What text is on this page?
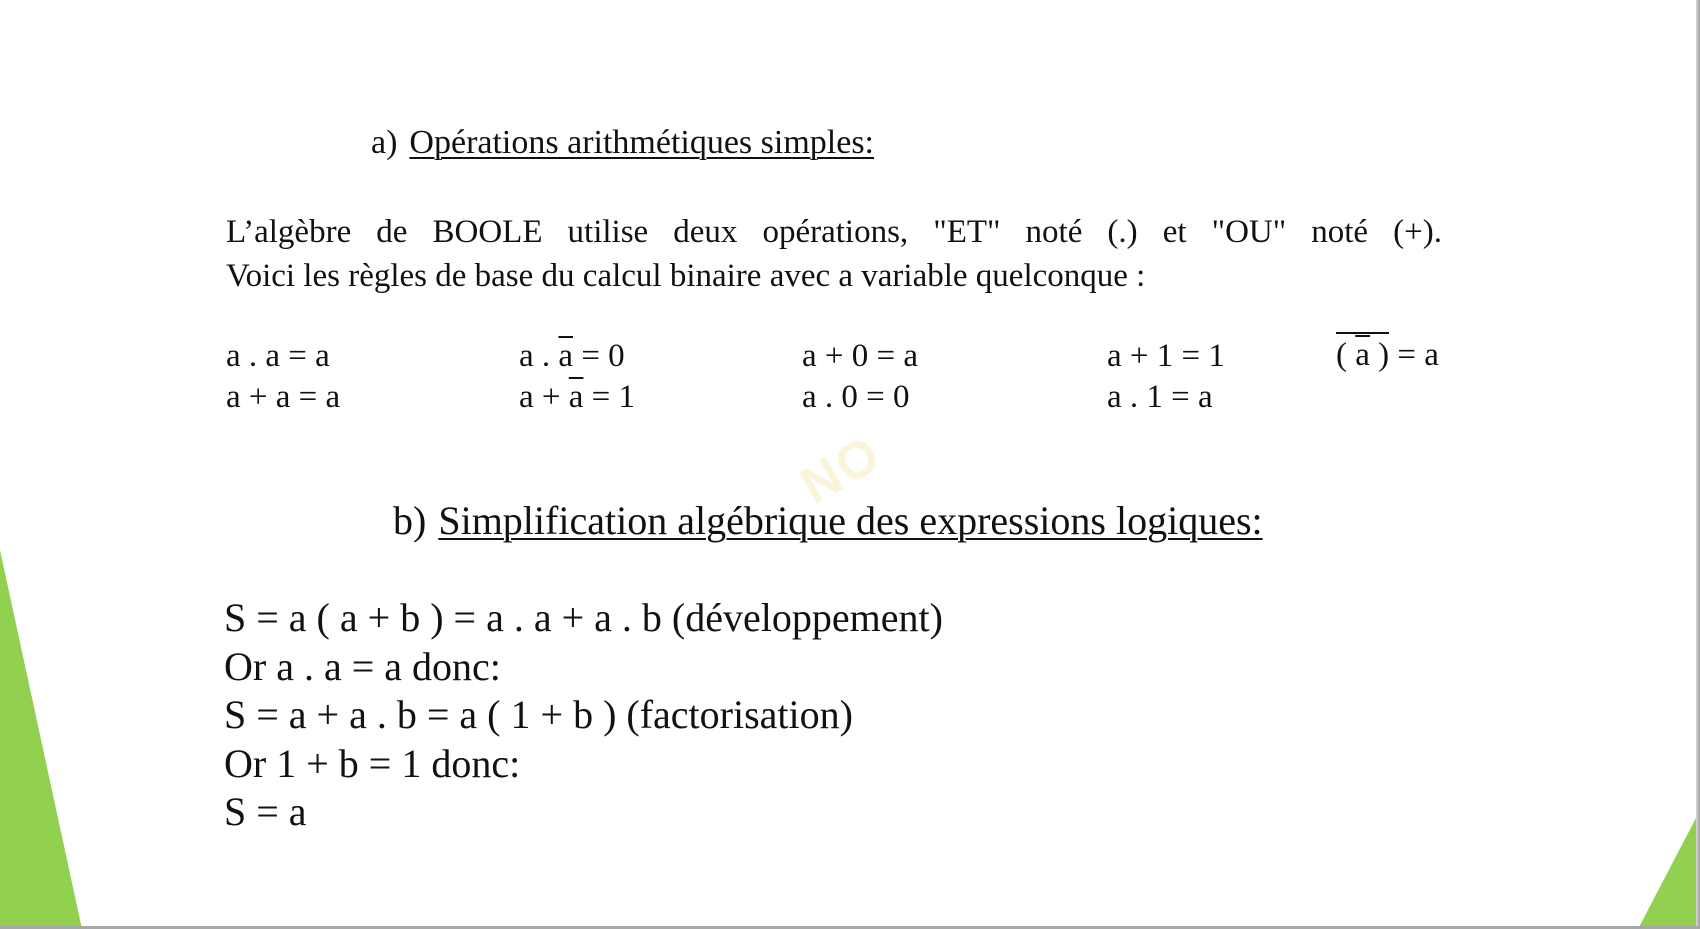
NO
a) Opérations arithmétiques simples:
L’algèbre de BOOLE utilise deux opérations, "ET" noté (.) et "OU" noté (+).
Voici les règles de base du calcul binaire avec a variable quelconque :
a . a = a
a + a = a
a . $\overline{a} = 0$
$a + \overline{a} = 1$
a + 0 = a
a . 0 = 0
a + 1 = 1
a . 1 = a
( $\overline{a}$ ) = a
b) Simplification algébrique des expressions logiques:
S = a ( a + b ) = a . a + a . b (développement)
Or a . a = a donc:
S = a + a . b = a ( 1 + b ) (factorisation)
Or 1 + b = 1 donc:
S = a
